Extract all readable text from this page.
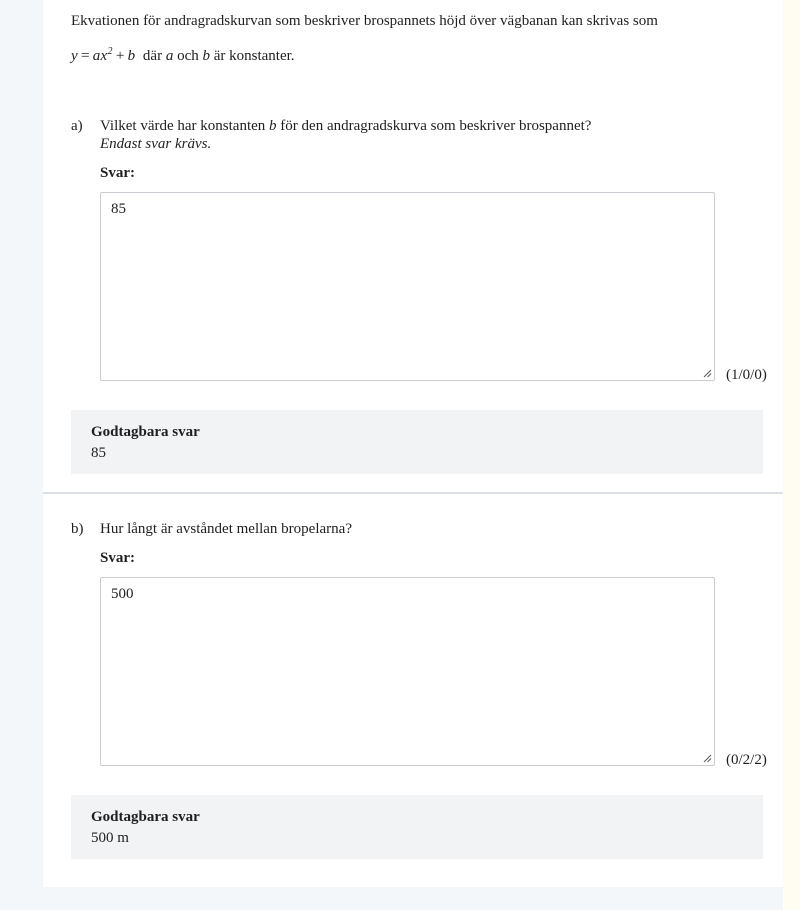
Ekvationen för andragradskurvan som beskriver brospannets höjd över vägbanan kan skrivas som
$y = ax^2 + b$ där a och b är konstanter.
a) Vilket värde har konstanten b för den andragradskurva som beskriver brospannet?
Endast svar krävs.
Svar:
85
(1/0/0)
Godtagbara svar
85
b) Hur långt är avståndet mellan bropelarna?
Svar:
500
(0/2/2)
Godtagbara svar
500 m
